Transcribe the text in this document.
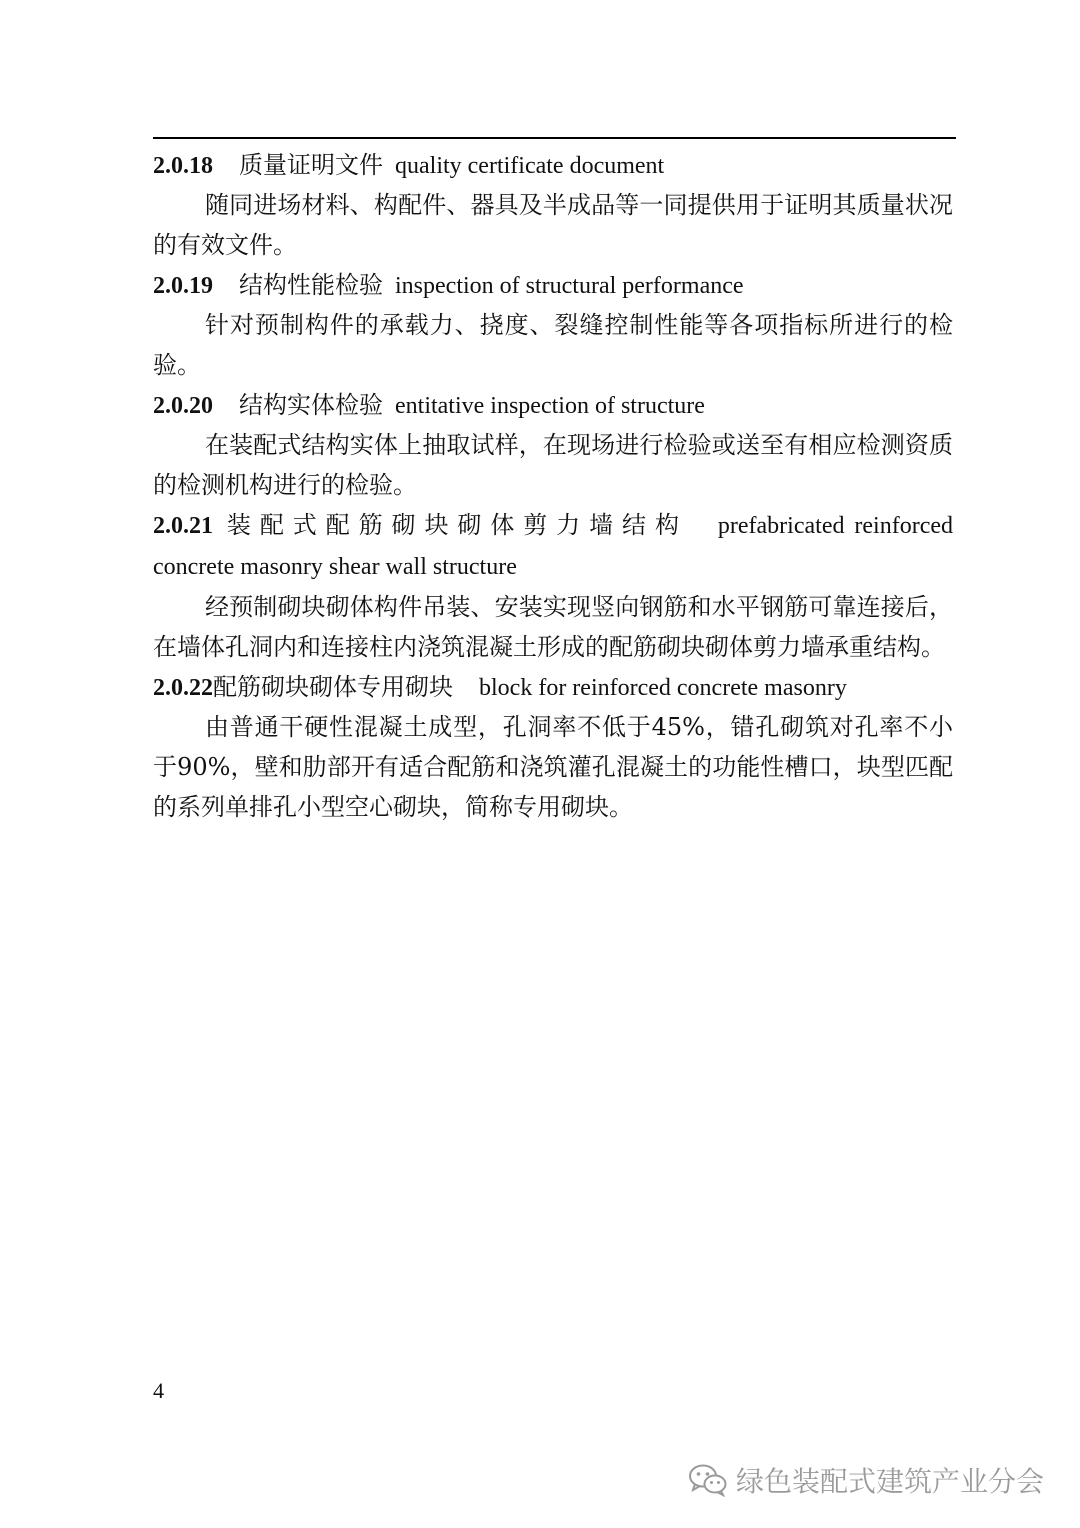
2.0.18 质量证明文件 quality certificate document
随同进场材料、构配件、器具及半成品等一同提供用于证明其质量状况的有效文件。
2.0.19 结构性能检验 inspection of structural performance
针对预制构件的承载力、挠度、裂缝控制性能等各项指标所进行的检验。
2.0.20 结构实体检验 entitative inspection of structure
在装配式结构实体上抽取试样，在现场进行检验或送至有相应检测资质的检测机构进行的检验。
2.0.21 装配式配筋砌块砌体剪力墙结构 prefabricated reinforced concrete masonry shear wall structure
经预制砌块砌体构件吊装、安装实现竖向钢筋和水平钢筋可靠连接后，在墙体孔洞内和连接柱内浇筑混凝土形成的配筋砌块砌体剪力墙承重结构。
2.0.22配筋砌块砌体专用砌块 block for reinforced concrete masonry
由普通干硬性混凝土成型，孔洞率不低于45%，错孔砌筑对孔率不小于90%，壁和肋部开有适合配筋和浇筑灌孔混凝土的功能性槽口，块型匹配的系列单排孔小型空心砌块，简称专用砌块。
4
绿色装配式建筑产业分会
